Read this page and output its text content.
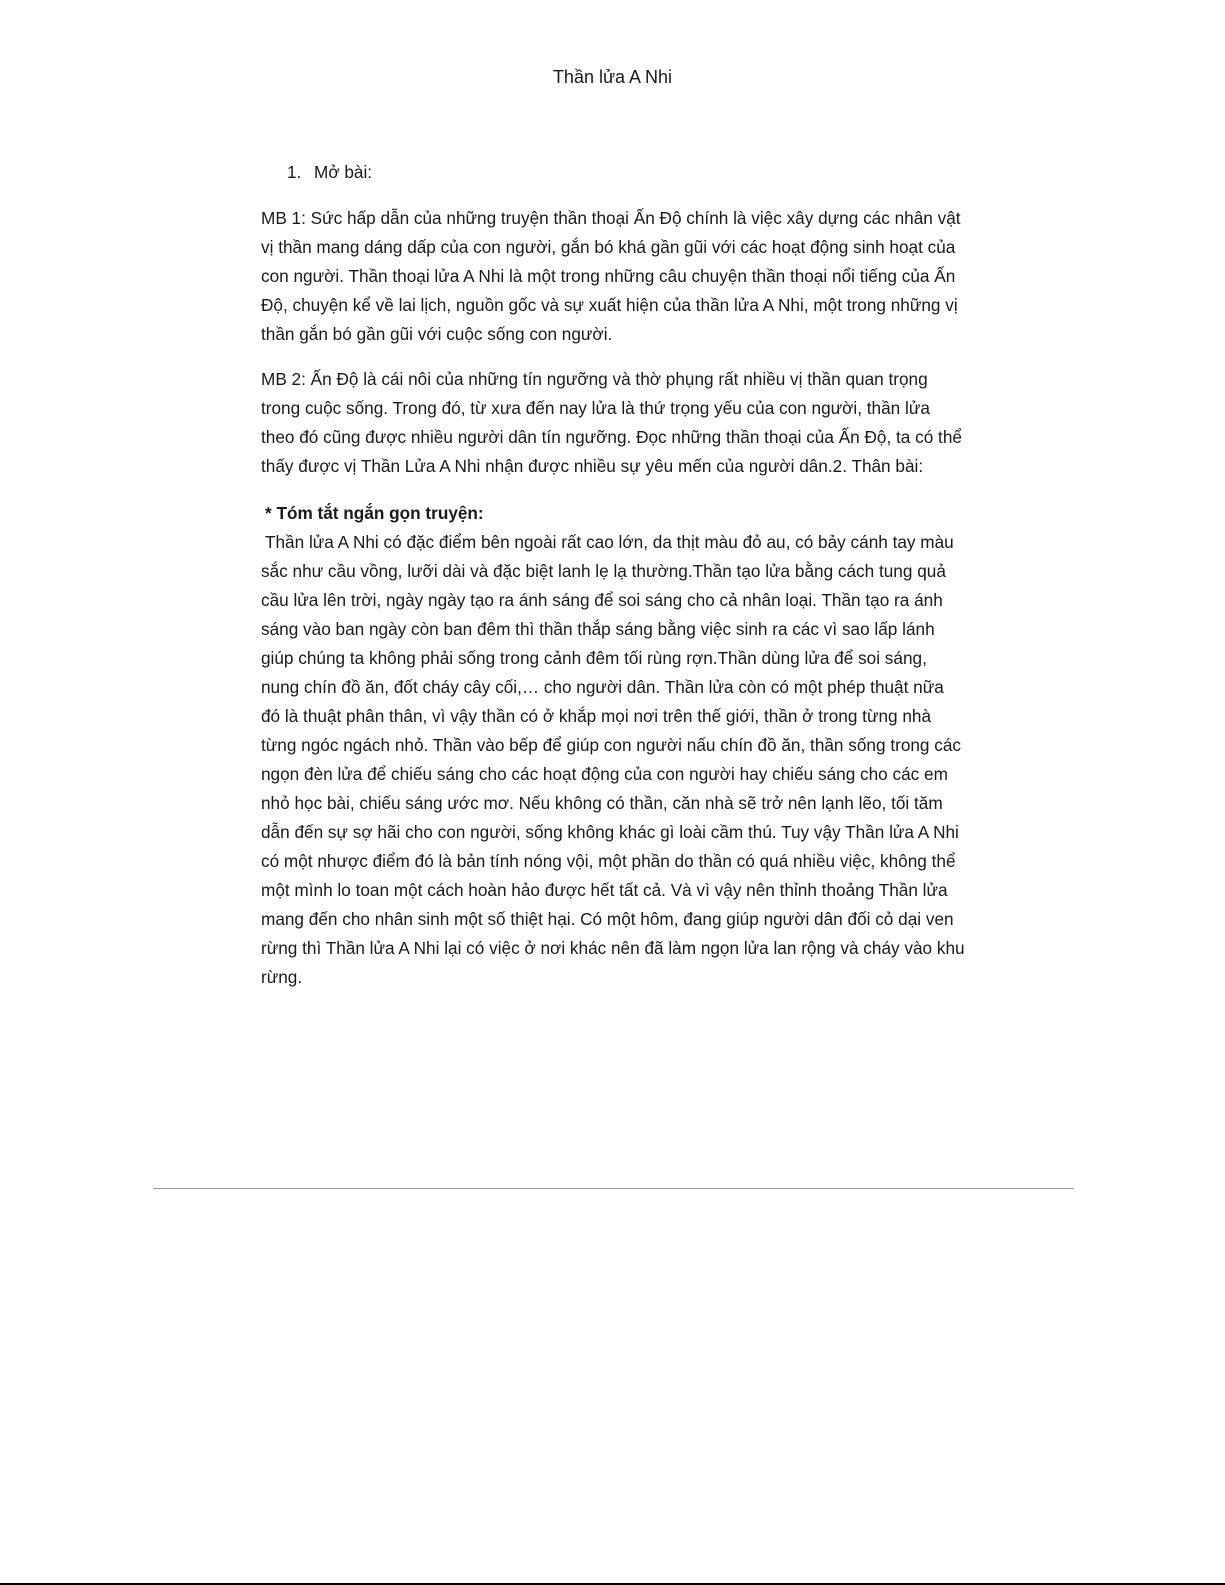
Thần lửa A Nhi
1. Mở bài:

MB 1: Sức hấp dẫn của những truyện thần thoại Ấn Độ chính là việc xây dựng các nhân vật vị thần mang dáng dấp của con người, gắn bó khá gần gũi với các hoạt động sinh hoạt của con người. Thần thoại lửa A Nhi là một trong những câu chuyện thần thoại nổi tiếng của Ấn Độ, chuyện kể về lai lịch, nguồn gốc và sự xuất hiện của thần lửa A Nhi, một trong những vị thần gắn bó gần gũi với cuộc sống con người.

MB 2: Ấn Độ là cái nôi của những tín ngưỡng và thờ phụng rất nhiều vị thần quan trọng trong cuộc sống. Trong đó, từ xưa đến nay lửa là thứ trọng yếu của con người, thần lửa theo đó cũng được nhiều người dân tín ngưỡng. Đọc những thần thoại của Ấn Độ, ta có thể thấy được vị Thần Lửa A Nhi nhận được nhiều sự yêu mến của người dân.2. Thân bài:

* Tóm tắt ngắn gọn truyện:

Thần lửa A Nhi có đặc điểm bên ngoài rất cao lớn, da thịt màu đỏ au, có bảy cánh tay màu sắc như cầu vồng, lưỡi dài và đặc biệt lanh lẹ lạ thường.Thần tạo lửa bằng cách tung quả cầu lửa lên trời, ngày ngày tạo ra ánh sáng để soi sáng cho cả nhân loại. Thần tạo ra ánh sáng vào ban ngày còn ban đêm thì thần thắp sáng bằng việc sinh ra các vì sao lấp lánh giúp chúng ta không phải sống trong cảnh đêm tối rùng rợn.Thần dùng lửa để soi sáng, nung chín đồ ăn, đốt cháy cây cối,… cho người dân. Thần lửa còn có một phép thuật nữa đó là thuật phân thân, vì vậy thần có ở khắp mọi nơi trên thế giới, thần ở trong từng nhà từng ngóc ngách nhỏ. Thần vào bếp để giúp con người nấu chín đồ ăn, thần sống trong các ngọn đèn lửa để chiếu sáng cho các hoạt động của con người hay chiếu sáng cho các em nhỏ học bài, chiếu sáng ước mơ. Nếu không có thần, căn nhà sẽ trở nên lạnh lẽo, tối tăm dẫn đến sự sợ hãi cho con người, sống không khác gì loài cầm thú. Tuy vậy Thần lửa A Nhi có một nhược điểm đó là bản tính nóng vội, một phần do thần có quá nhiều việc, không thể một mình lo toan một cách hoàn hảo được hết tất cả. Và vì vậy nên thỉnh thoảng Thần lửa mang đến cho nhân sinh một số thiệt hại. Có một hôm, đang giúp người dân đối cỏ dại ven rừng thì Thần lửa A Nhi lại có việc ở nơi khác nên đã làm ngọn lửa lan rộng và cháy vào khu rừng.
